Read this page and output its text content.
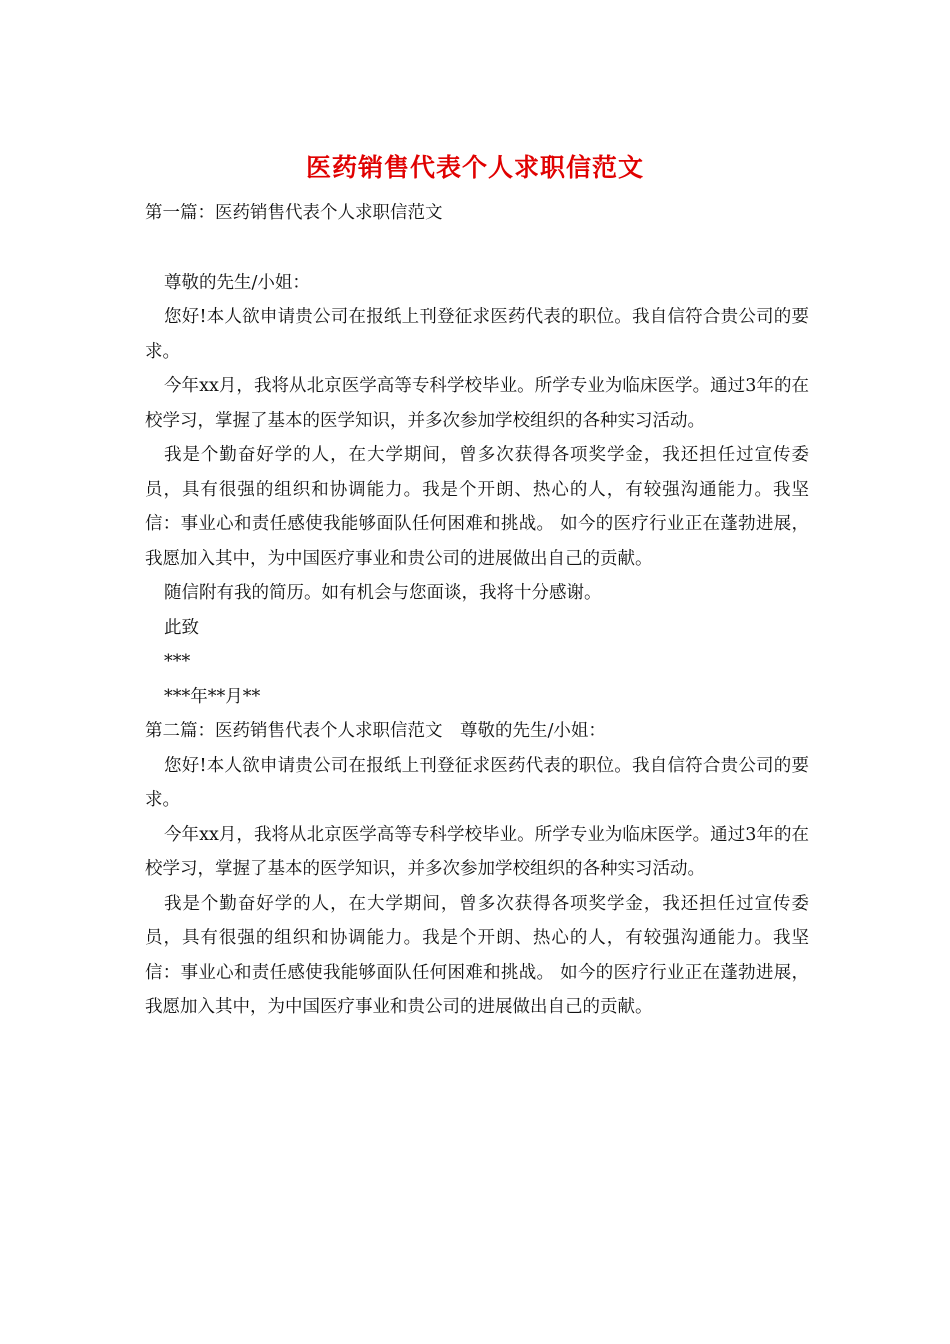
医药销售代表个人求职信范文

第一篇：医药销售代表个人求职信范文

尊敬的先生/小姐：

您好!本人欲申请贵公司在报纸上刊登征求医药代表的职位。我自信符合贵公司的要求。

今年xx月，我将从北京医学高等专科学校毕业。所学专业为临床医学。通过3年的在校学习，掌握了基本的医学知识，并多次参加学校组织的各种实习活动。

我是个勤奋好学的人，在大学期间，曾多次获得各项奖学金，我还担任过宣传委员，具有很强的组织和协调能力。我是个开朗、热心的人，有较强沟通能力。我坚信：事业心和责任感使我能够面队任何困难和挑战。 如今的医疗行业正在蓬勃进展，我愿加入其中，为中国医疗事业和贵公司的进展做出自己的贡献。

随信附有我的简历。如有机会与您面谈，我将十分感谢。

此致

***

***年**月**

第二篇：医药销售代表个人求职信范文　尊敬的先生/小姐：

您好!本人欲申请贵公司在报纸上刊登征求医药代表的职位。我自信符合贵公司的要求。

今年xx月，我将从北京医学高等专科学校毕业。所学专业为临床医学。通过3年的在校学习，掌握了基本的医学知识，并多次参加学校组织的各种实习活动。

我是个勤奋好学的人，在大学期间，曾多次获得各项奖学金，我还担任过宣传委员，具有很强的组织和协调能力。我是个开朗、热心的人，有较强沟通能力。我坚信：事业心和责任感使我能够面队任何困难和挑战。 如今的医疗行业正在蓬勃进展，我愿加入其中，为中国医疗事业和贵公司的进展做出自己的贡献。
